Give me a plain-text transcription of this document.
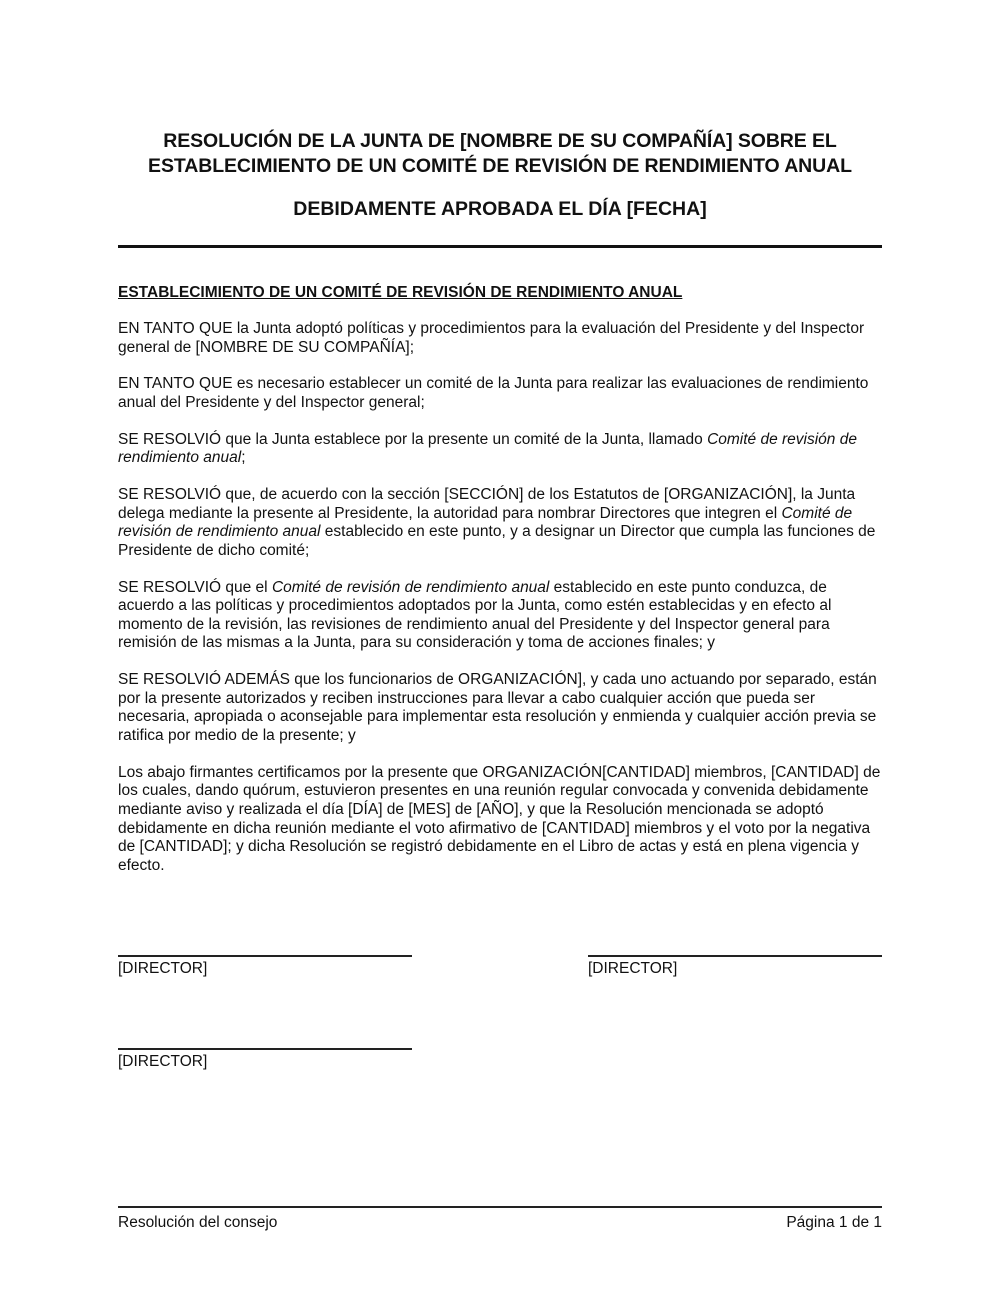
RESOLUCIÓN DE LA JUNTA DE [NOMBRE DE SU COMPAÑÍA] SOBRE EL
ESTABLECIMIENTO DE UN COMITÉ DE REVISIÓN DE RENDIMIENTO ANUAL
DEBIDAMENTE APROBADA EL DÍA [FECHA]
ESTABLECIMIENTO DE UN COMITÉ DE REVISIÓN DE RENDIMIENTO ANUAL

EN TANTO QUE la Junta adoptó políticas y procedimientos para la evaluación del Presidente y del Inspector general de [NOMBRE DE SU COMPAÑÍA];

EN TANTO QUE es necesario establecer un comité de la Junta para realizar las evaluaciones de rendimiento anual del Presidente y del Inspector general;

SE RESOLVIÓ que la Junta establece por la presente un comité de la Junta, llamado Comité de revisión de rendimiento anual;

SE RESOLVIÓ que, de acuerdo con la sección [SECCIÓN] de los Estatutos de [ORGANIZACIÓN], la Junta delega mediante la presente al Presidente, la autoridad para nombrar Directores que integren el Comité de revisión de rendimiento anual establecido en este punto, y a designar un Director que cumpla las funciones de Presidente de dicho comité;

SE RESOLVIÓ que el Comité de revisión de rendimiento anual establecido en este punto conduzca, de acuerdo a las políticas y procedimientos adoptados por la Junta, como estén establecidas y en efecto al momento de la revisión, las revisiones de rendimiento anual del Presidente y del Inspector general para remisión de las mismas a la Junta, para su consideración y toma de acciones finales; y

SE RESOLVIÓ ADEMÁS que los funcionarios de ORGANIZACIÓN], y cada uno actuando por separado, están por la presente autorizados y reciben instrucciones para llevar a cabo cualquier acción que pueda ser necesaria, apropiada o aconsejable para implementar esta resolución y enmienda y cualquier acción previa se ratifica por medio de la presente; y

Los abajo firmantes certificamos por la presente que ORGANIZACIÓN[CANTIDAD] miembros, [CANTIDAD] de los cuales, dando quórum, estuvieron presentes en una reunión regular convocada y convenida debidamente mediante aviso y realizada el día [DÍA] de [MES] de [AÑO], y que la Resolución mencionada se adoptó debidamente en dicha reunión mediante el voto afirmativo de [CANTIDAD] miembros y el voto por la negativa de [CANTIDAD]; y dicha Resolución se registró debidamente en el Libro de actas y está en plena vigencia y efecto.

[DIRECTOR]	[DIRECTOR]
[DIRECTOR]
Resolución del consejo	Página 1 de 1
